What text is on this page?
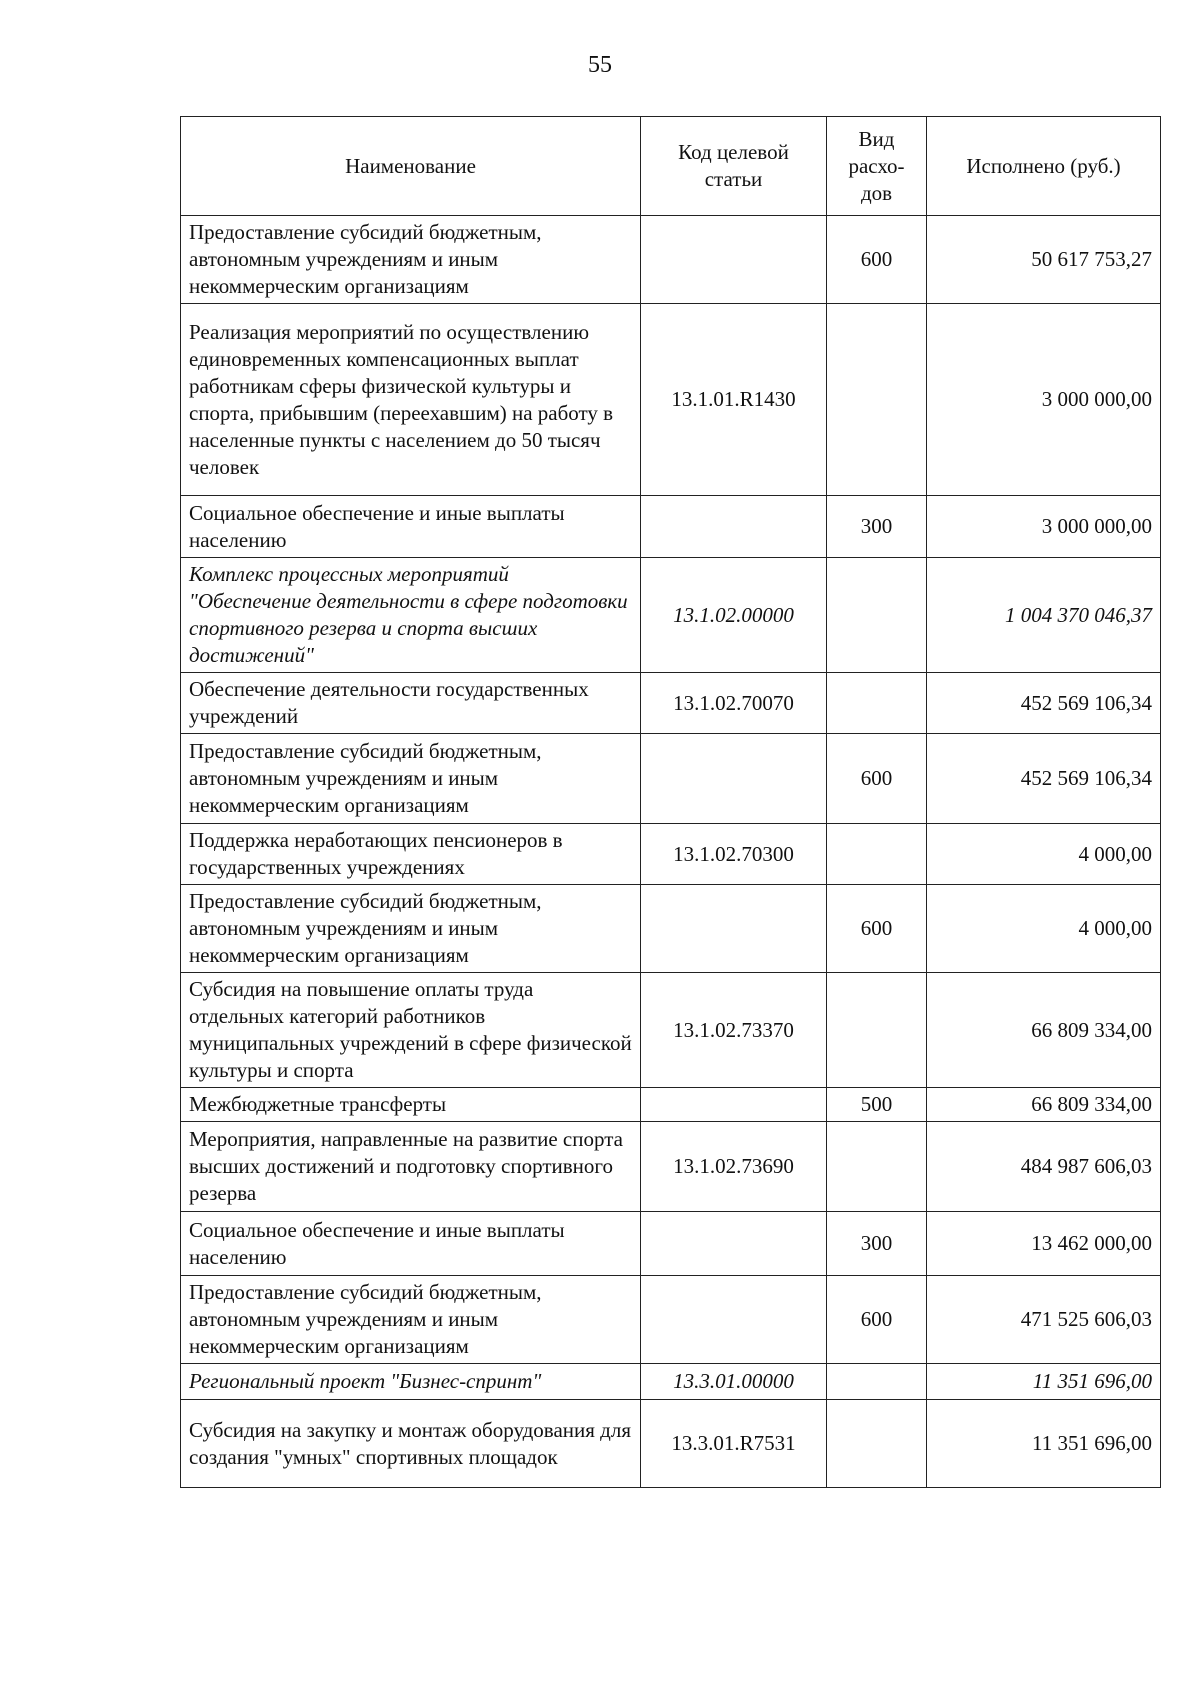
55
Наименование	Код целевой статьи	Вид расхо-дов	Исполнено (руб.)
Предоставление субсидий бюджетным, автономным учреждениям и иным некоммерческим организациям		600	50 617 753,27
Реализация мероприятий по осуществлению единовременных компенсационных выплат работникам сферы физической культуры и спорта, прибывшим (переехавшим) на работу в населенные пункты с населением до 50 тысяч человек	13.1.01.R1430		3 000 000,00
Социальное обеспечение и иные выплаты населению		300	3 000 000,00
Комплекс процессных мероприятий "Обеспечение деятельности в сфере подготовки спортивного резерва и спорта высших достижений"	13.1.02.00000		1 004 370 046,37
Обеспечение деятельности государственных учреждений	13.1.02.70070		452 569 106,34
Предоставление субсидий бюджетным, автономным учреждениям и иным некоммерческим организациям		600	452 569 106,34
Поддержка неработающих пенсионеров в государственных учреждениях	13.1.02.70300		4 000,00
Предоставление субсидий бюджетным, автономным учреждениям и иным некоммерческим организациям		600	4 000,00
Субсидия на повышение оплаты труда отдельных категорий работников муниципальных учреждений в сфере физической культуры и спорта	13.1.02.73370		66 809 334,00
Межбюджетные трансферты		500	66 809 334,00
Мероприятия, направленные на развитие спорта высших достижений и подготовку спортивного резерва	13.1.02.73690		484 987 606,03
Социальное обеспечение и иные выплаты населению		300	13 462 000,00
Предоставление субсидий бюджетным, автономным учреждениям и иным некоммерческим организациям		600	471 525 606,03
Региональный проект "Бизнес-спринт"	13.3.01.00000		11 351 696,00
Субсидия на закупку и монтаж оборудования для создания "умных" спортивных площадок	13.3.01.R7531		11 351 696,00
